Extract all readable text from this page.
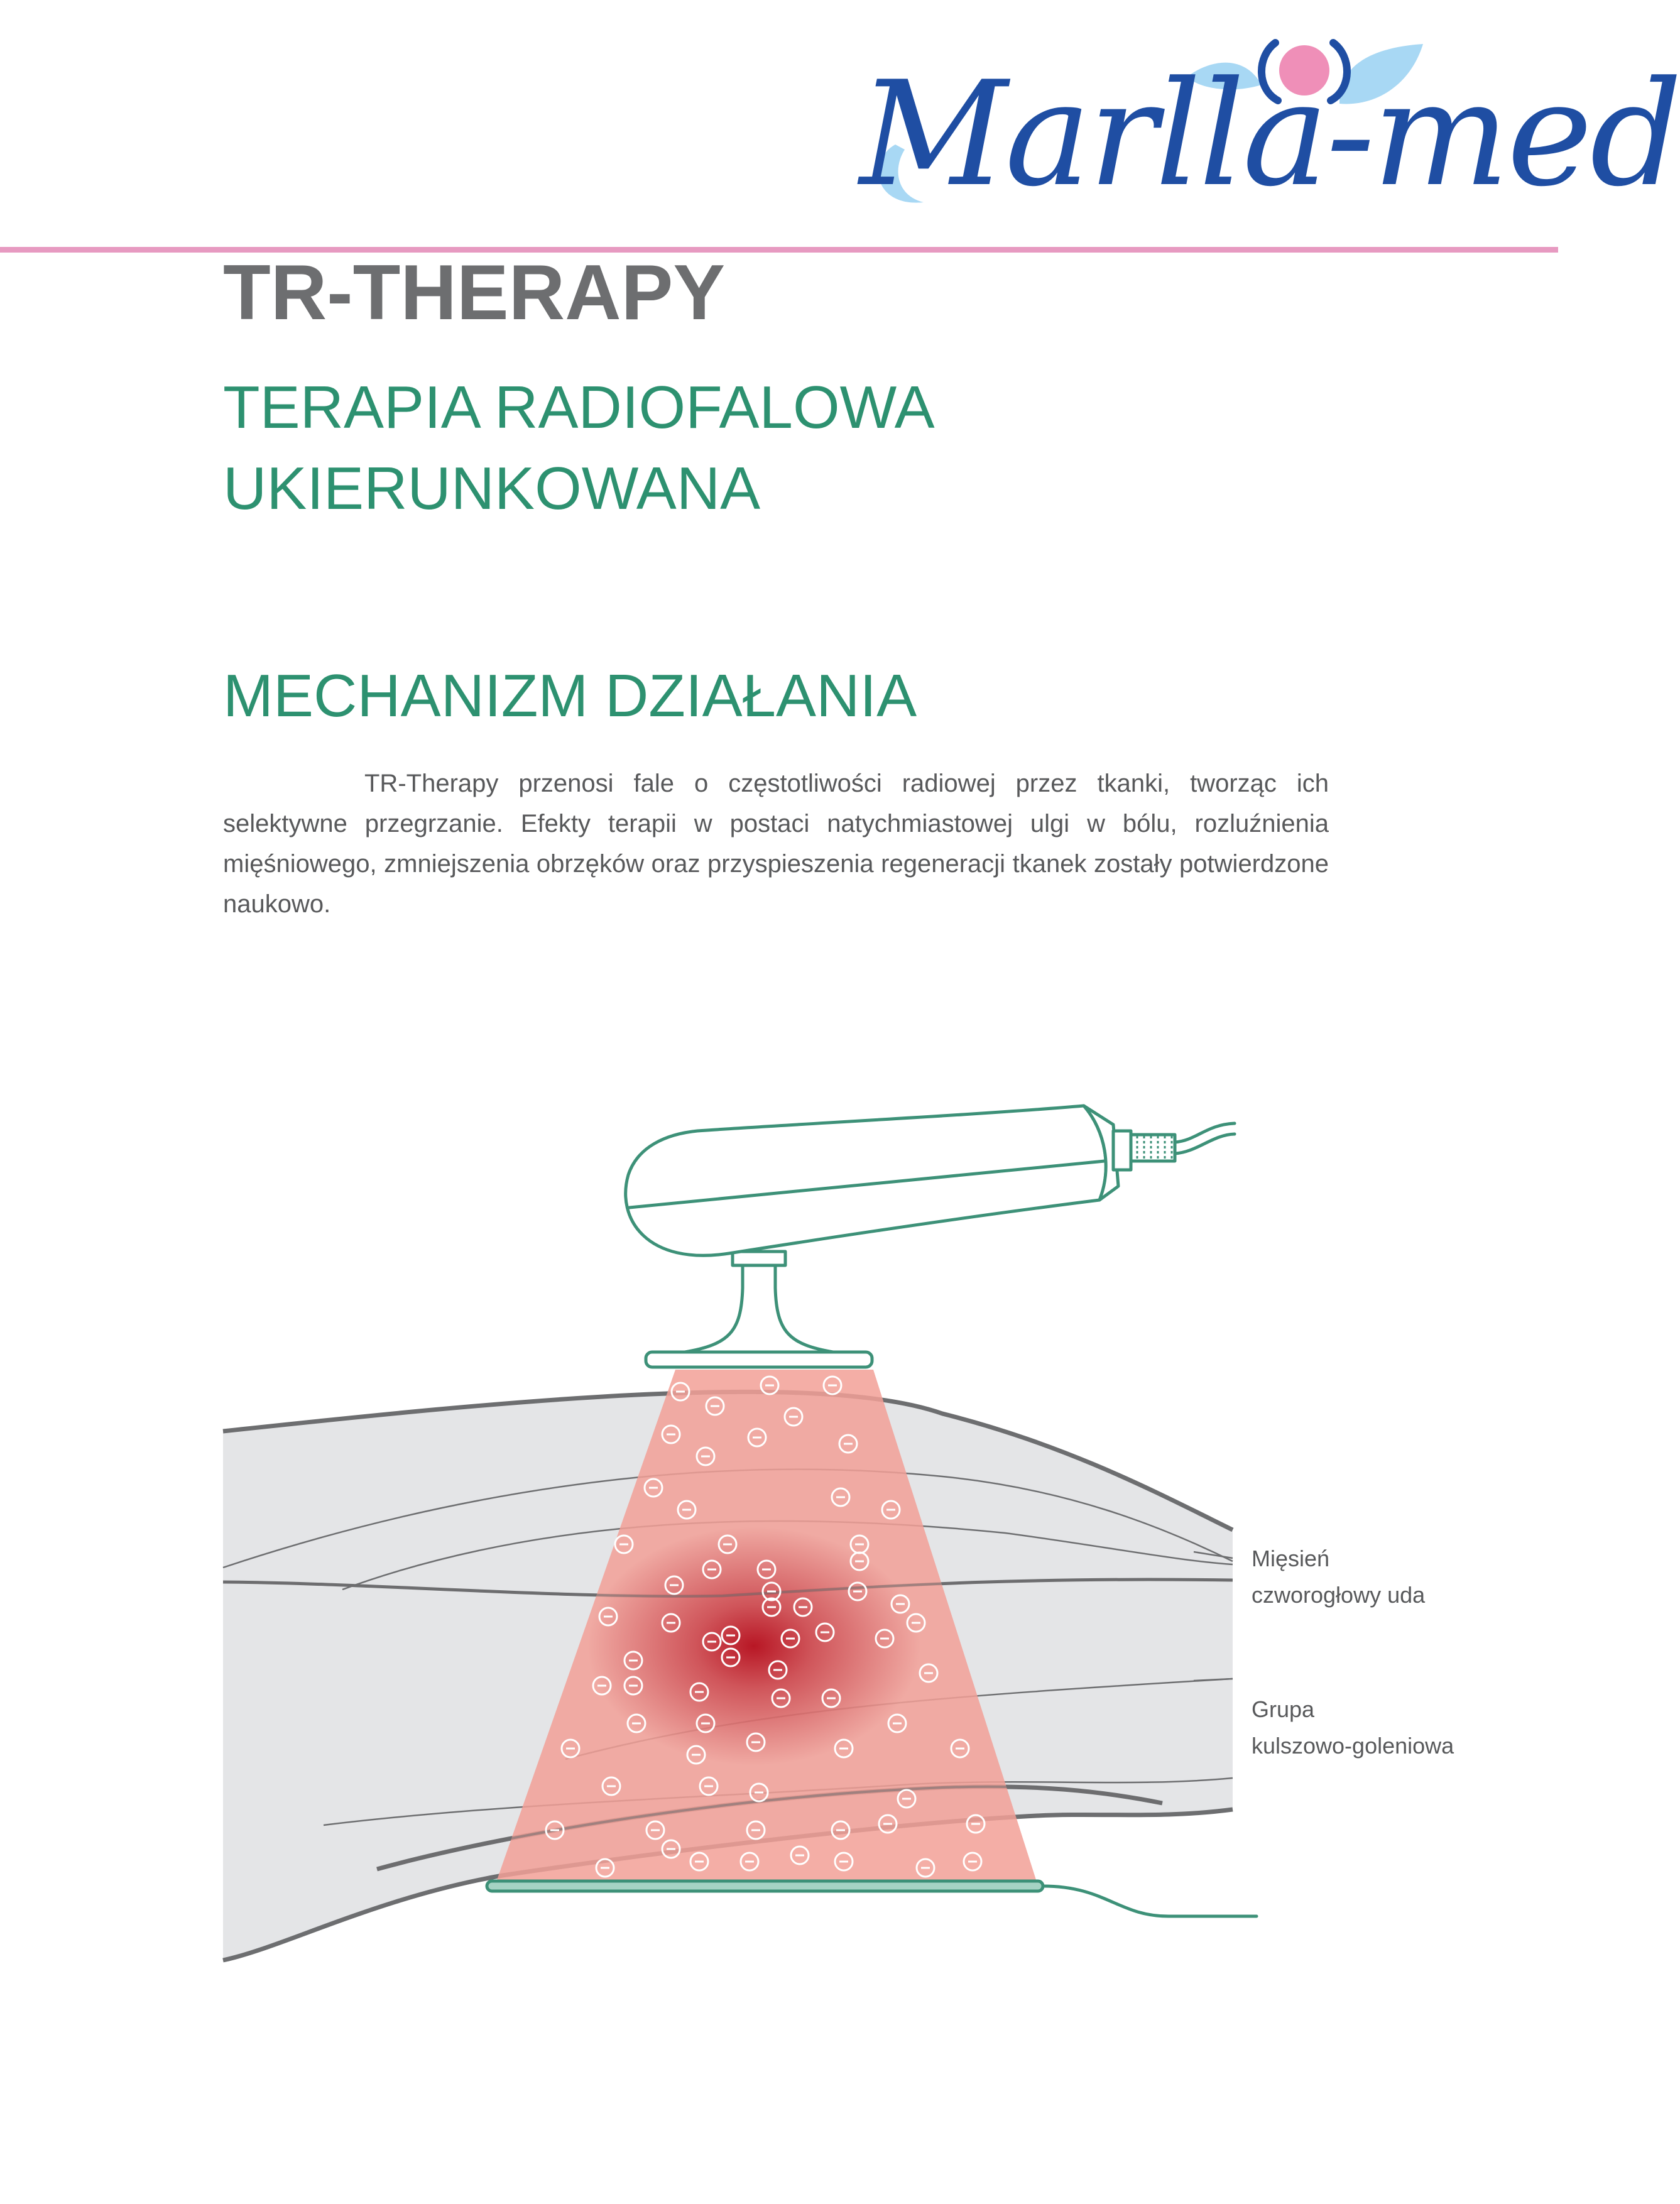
Marlla-med
TR-THERAPY
TERAPIA RADIOFALOWA
UKIERUNKOWANA
MECHANIZM DZIAŁANIA

TR-Therapy przenosi fale o częstotliwości radiowej przez tkanki, tworząc ich selektywne przegrzanie. Efekty terapii w postaci natychmiastowej ulgi w bólu, rozluźnienia mięśniowego, zmniejszenia obrzęków oraz przyspieszenia regeneracji tkanek zostały potwierdzone naukowo.

Mięsień
czworogłowy uda
Grupa
kulszowo-goleniowa
